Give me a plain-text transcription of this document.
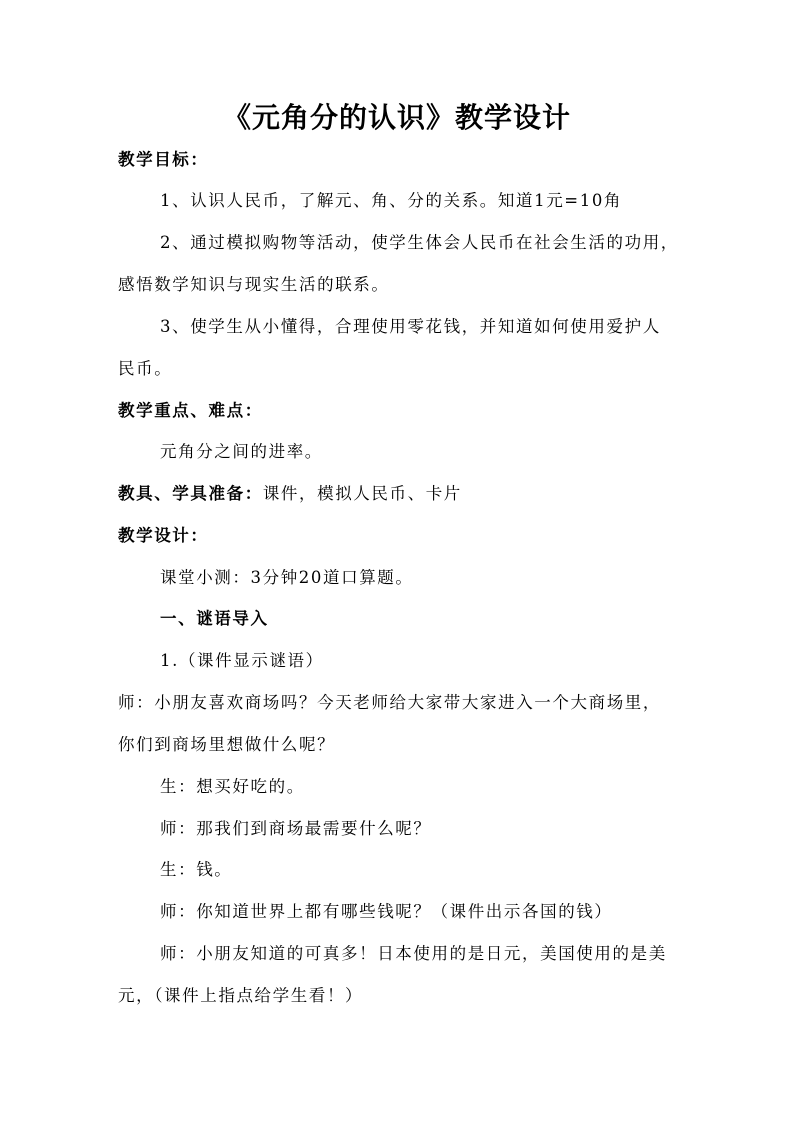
《元角分的认识》教学设计
教学目标：
1、认识人民币，了解元、角、分的关系。知道1元=10角
2、通过模拟购物等活动，使学生体会人民币在社会生活的功用，
感悟数学知识与现实生活的联系。
3、使学生从小懂得，合理使用零花钱，并知道如何使用爱护人
民币。
教学重点、难点：
元角分之间的进率。
教具、学具准备：课件，模拟人民币、卡片
教学设计：
课堂小测：3分钟20道口算题。
一、谜语导入
1.（课件显示谜语）
师：小朋友喜欢商场吗？今天老师给大家带大家进入一个大商场里，
你们到商场里想做什么呢？
生：想买好吃的。
师：那我们到商场最需要什么呢？
生：钱。
师：你知道世界上都有哪些钱呢？（课件出示各国的钱）
师：小朋友知道的可真多！日本使用的是日元，美国使用的是美
元，（课件上指点给学生看！）
